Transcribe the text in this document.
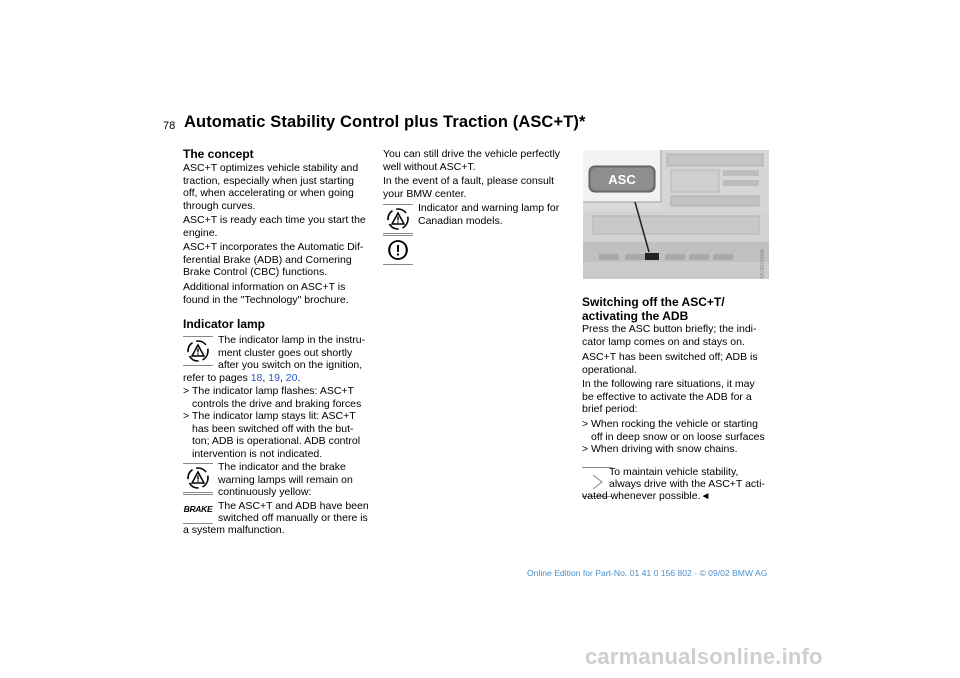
78 Automatic Stability Control plus Traction (ASC+T)*
The concept
ASC+T optimizes vehicle stability and
traction, especially when just starting
off, when accelerating or when going
through curves.
ASC+T is ready each time you start the
engine.
ASC+T incorporates the Automatic Dif-
ferential Brake (ADB) and Cornering
Brake Control (CBC) functions.
Additional information on ASC+T is
found in the "Technology" brochure.
Indicator lamp
The indicator lamp in the instru-
ment cluster goes out shortly
after you switch on the ignition,
refer to pages 18, 19, 20.
> The indicator lamp flashes: ASC+T
controls the drive and braking forces
> The indicator lamp stays lit: ASC+T
has been switched off with the but-
ton; ADB is operational. ADB control
intervention is not indicated.
The indicator and the brake
warning lamps will remain on
continuously yellow:
BRAKE The ASC+T and ADB have been
switched off manually or there is
a system malfunction.
You can still drive the vehicle perfectly
well without ASC+T.
In the event of a fault, please consult
your BMW center.
Indicator and warning lamp for
Canadian models.
ASC
MV09330MA
Switching off the ASC+T/
activating the ADB
Press the ASC button briefly; the indi-
cator lamp comes on and stays on.
ASC+T has been switched off; ADB is
operational.
In the following rare situations, it may
be effective to activate the ADB for a
brief period:
> When rocking the vehicle or starting
off in deep snow or on loose surfaces
> When driving with snow chains.
To maintain vehicle stability,
always drive with the ASC+T acti-
vated whenever possible.◄
Online Edition for Part-No. 01 41 0 156 802 - © 09/02 BMW AG
carmanualsonline.info
